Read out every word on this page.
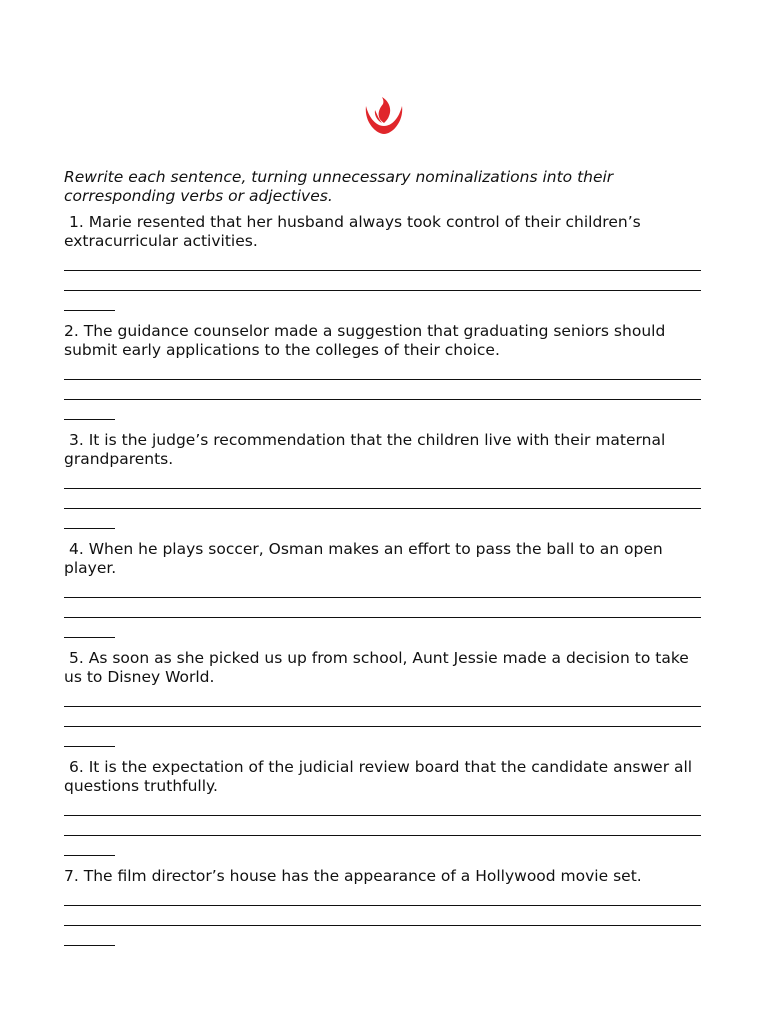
Rewrite each sentence, turning unnecessary nominalizations into their corresponding verbs or adjectives.

1. Marie resented that her husband always took control of their children’s extracurricular activities.

2. The guidance counselor made a suggestion that graduating seniors should submit early applications to the colleges of their choice.

3. It is the judge’s recommendation that the children live with their maternal grandparents.

4. When he plays soccer, Osman makes an effort to pass the ball to an open player.

5. As soon as she picked us up from school, Aunt Jessie made a decision to take us to Disney World.

6. It is the expectation of the judicial review board that the candidate answer all questions truthfully.

7. The film director’s house has the appearance of a Hollywood movie set.
